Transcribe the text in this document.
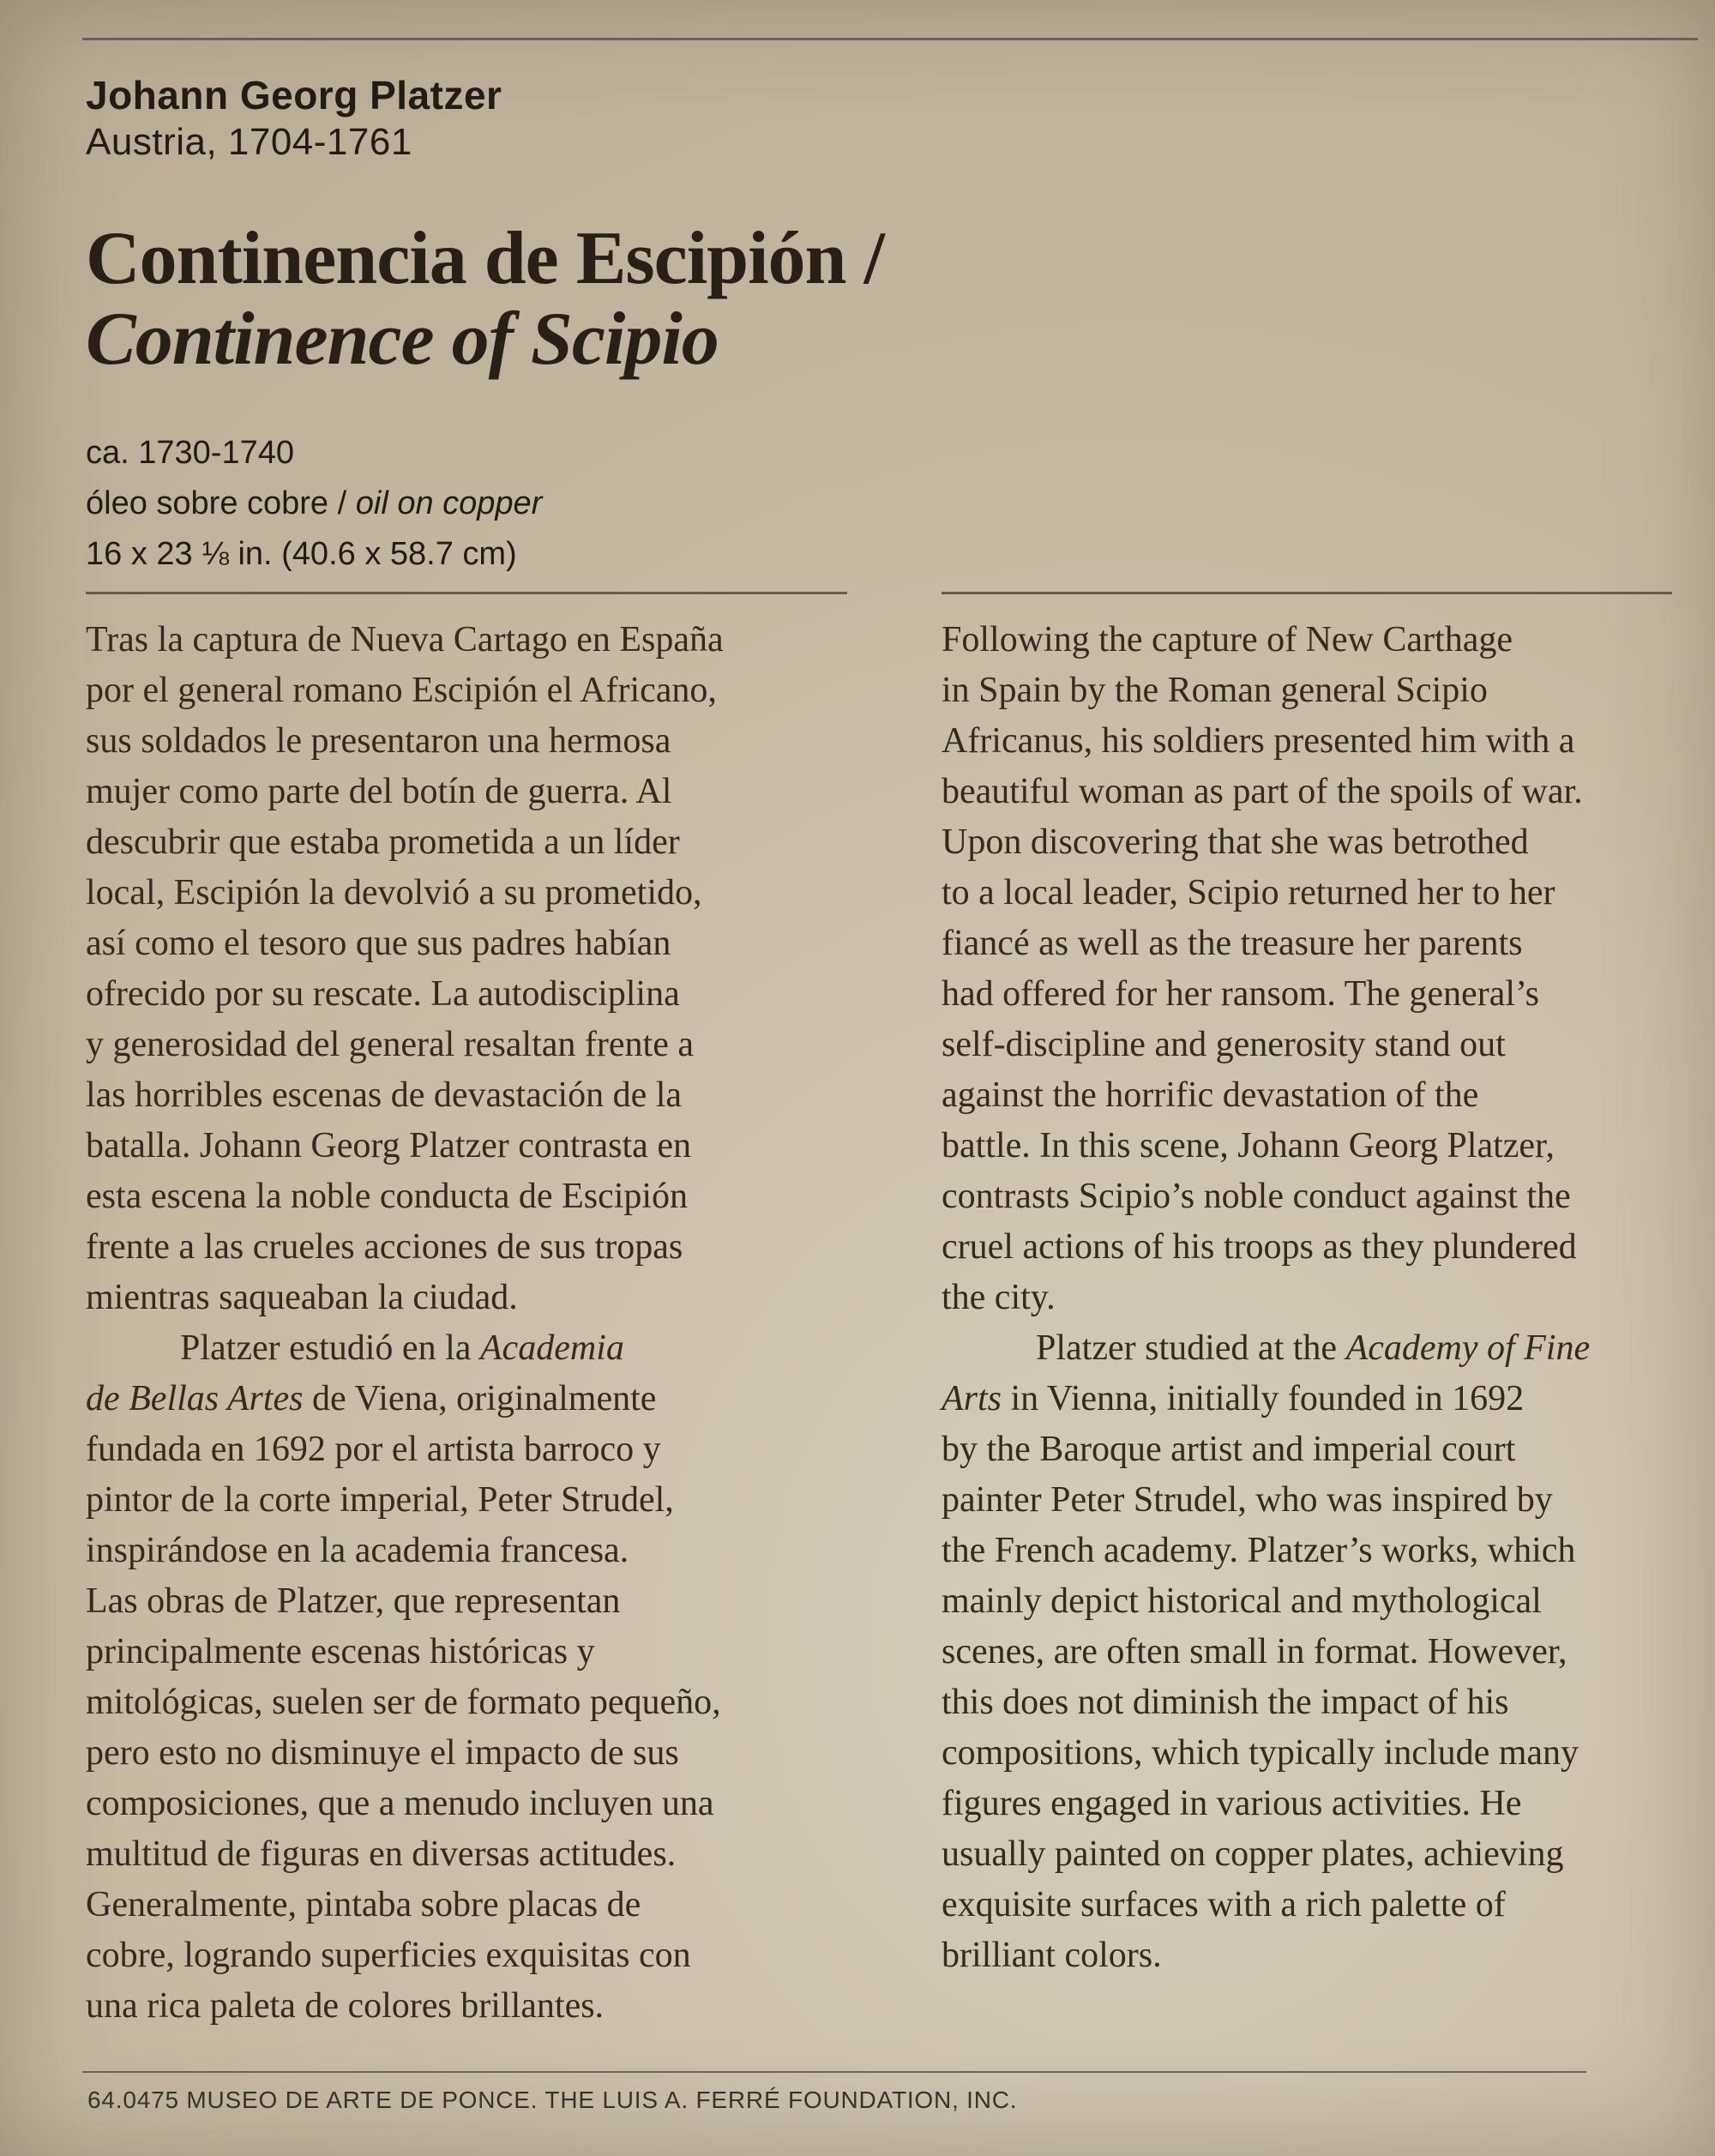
Johann Georg Platzer
Austria, 1704-1761
Continencia de Escipión /
Continence of Scipio
ca. 1730-1740
óleo sobre cobre / oil on copper
16 x 23 ⅛ in. (40.6 x 58.7 cm)
Tras la captura de Nueva Cartago en España
por el general romano Escipión el Africano,
sus soldados le presentaron una hermosa
mujer como parte del botín de guerra. Al
descubrir que estaba prometida a un líder
local, Escipión la devolvió a su prometido,
así como el tesoro que sus padres habían
ofrecido por su rescate. La autodisciplina
y generosidad del general resaltan frente a
las horribles escenas de devastación de la
batalla. Johann Georg Platzer contrasta en
esta escena la noble conducta de Escipión
frente a las crueles acciones de sus tropas
mientras saqueaban la ciudad.
Platzer estudió en la Academia
de Bellas Artes de Viena, originalmente
fundada en 1692 por el artista barroco y
pintor de la corte imperial, Peter Strudel,
inspirándose en la academia francesa.
Las obras de Platzer, que representan
principalmente escenas históricas y
mitológicas, suelen ser de formato pequeño,
pero esto no disminuye el impacto de sus
composiciones, que a menudo incluyen una
multitud de figuras en diversas actitudes.
Generalmente, pintaba sobre placas de
cobre, logrando superficies exquisitas con
una rica paleta de colores brillantes.
Following the capture of New Carthage
in Spain by the Roman general Scipio
Africanus, his soldiers presented him with a
beautiful woman as part of the spoils of war.
Upon discovering that she was betrothed
to a local leader, Scipio returned her to her
fiancé as well as the treasure her parents
had offered for her ransom. The general’s
self-discipline and generosity stand out
against the horrific devastation of the
battle. In this scene, Johann Georg Platzer,
contrasts Scipio’s noble conduct against the
cruel actions of his troops as they plundered
the city.
Platzer studied at the Academy of Fine
Arts in Vienna, initially founded in 1692
by the Baroque artist and imperial court
painter Peter Strudel, who was inspired by
the French academy. Platzer’s works, which
mainly depict historical and mythological
scenes, are often small in format. However,
this does not diminish the impact of his
compositions, which typically include many
figures engaged in various activities. He
usually painted on copper plates, achieving
exquisite surfaces with a rich palette of
brilliant colors.
64.0475 MUSEO DE ARTE DE PONCE. THE LUIS A. FERRÉ FOUNDATION, INC.
